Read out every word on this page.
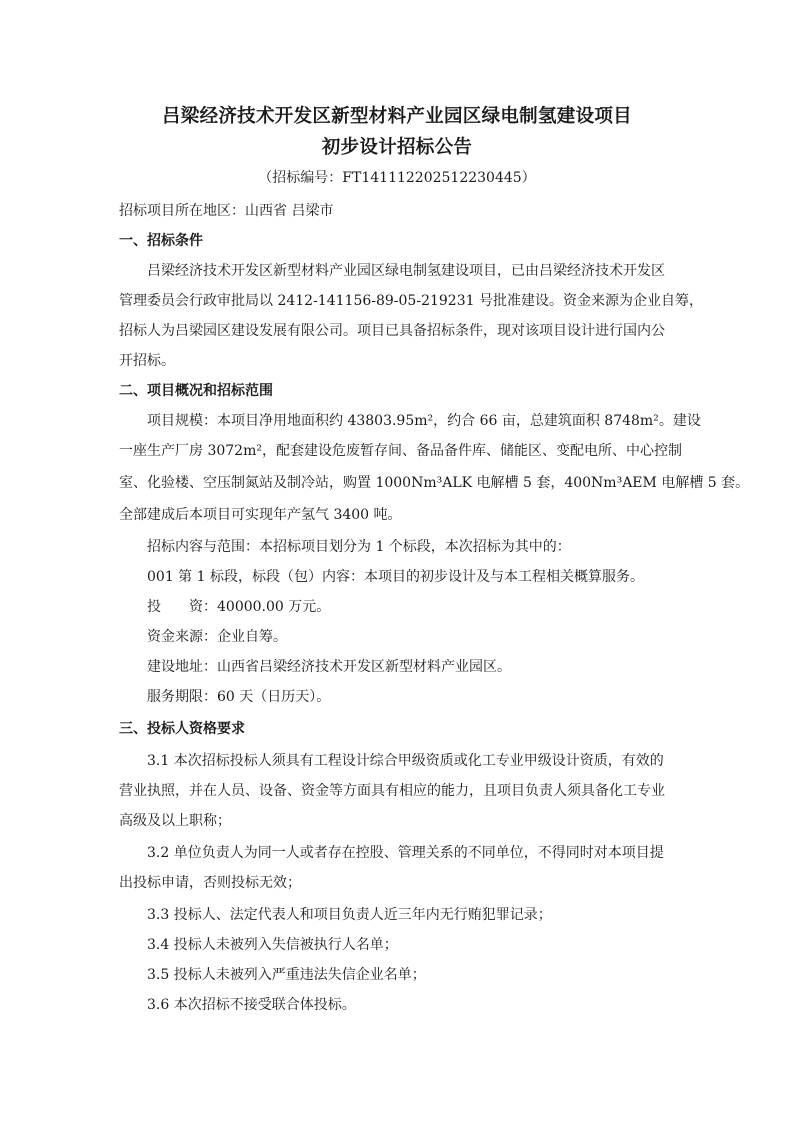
吕梁经济技术开发区新型材料产业园区绿电制氢建设项目
初步设计招标公告
（招标编号：FT141112202512230445）
招标项目所在地区：山西省 吕梁市
一、招标条件
吕梁经济技术开发区新型材料产业园区绿电制氢建设项目，已由吕梁经济技术开发区
管理委员会行政审批局以 2412-141156-89-05-219231 号批准建设。资金来源为企业自筹，
招标人为吕梁园区建设发展有限公司。项目已具备招标条件，现对该项目设计进行国内公
开招标。
二、项目概况和招标范围
项目规模：本项目净用地面积约 43803.95m²，约合 66 亩，总建筑面积 8748m²。建设
一座生产厂房 3072m²，配套建设危废暂存间、备品备件库、储能区、变配电所、中心控制
室、化验楼、空压制氮站及制冷站，购置 1000Nm³ALK 电解槽 5 套，400Nm³AEM 电解槽 5 套。
全部建成后本项目可实现年产氢气 3400 吨。
招标内容与范围：本招标项目划分为 1 个标段，本次招标为其中的：
001 第 1 标段，标段（包）内容：本项目的初步设计及与本工程相关概算服务。
投　　资：40000.00 万元。
资金来源：企业自筹。
建设地址：山西省吕梁经济技术开发区新型材料产业园区。
服务期限：60 天（日历天）。
三、投标人资格要求
3.1 本次招标投标人须具有工程设计综合甲级资质或化工专业甲级设计资质，有效的
营业执照，并在人员、设备、资金等方面具有相应的能力，且项目负责人须具备化工专业
高级及以上职称；
3.2 单位负责人为同一人或者存在控股、管理关系的不同单位，不得同时对本项目提
出投标申请，否则投标无效；
3.3 投标人、法定代表人和项目负责人近三年内无行贿犯罪记录；
3.4 投标人未被列入失信被执行人名单；
3.5 投标人未被列入严重违法失信企业名单；
3.6 本次招标不接受联合体投标。
